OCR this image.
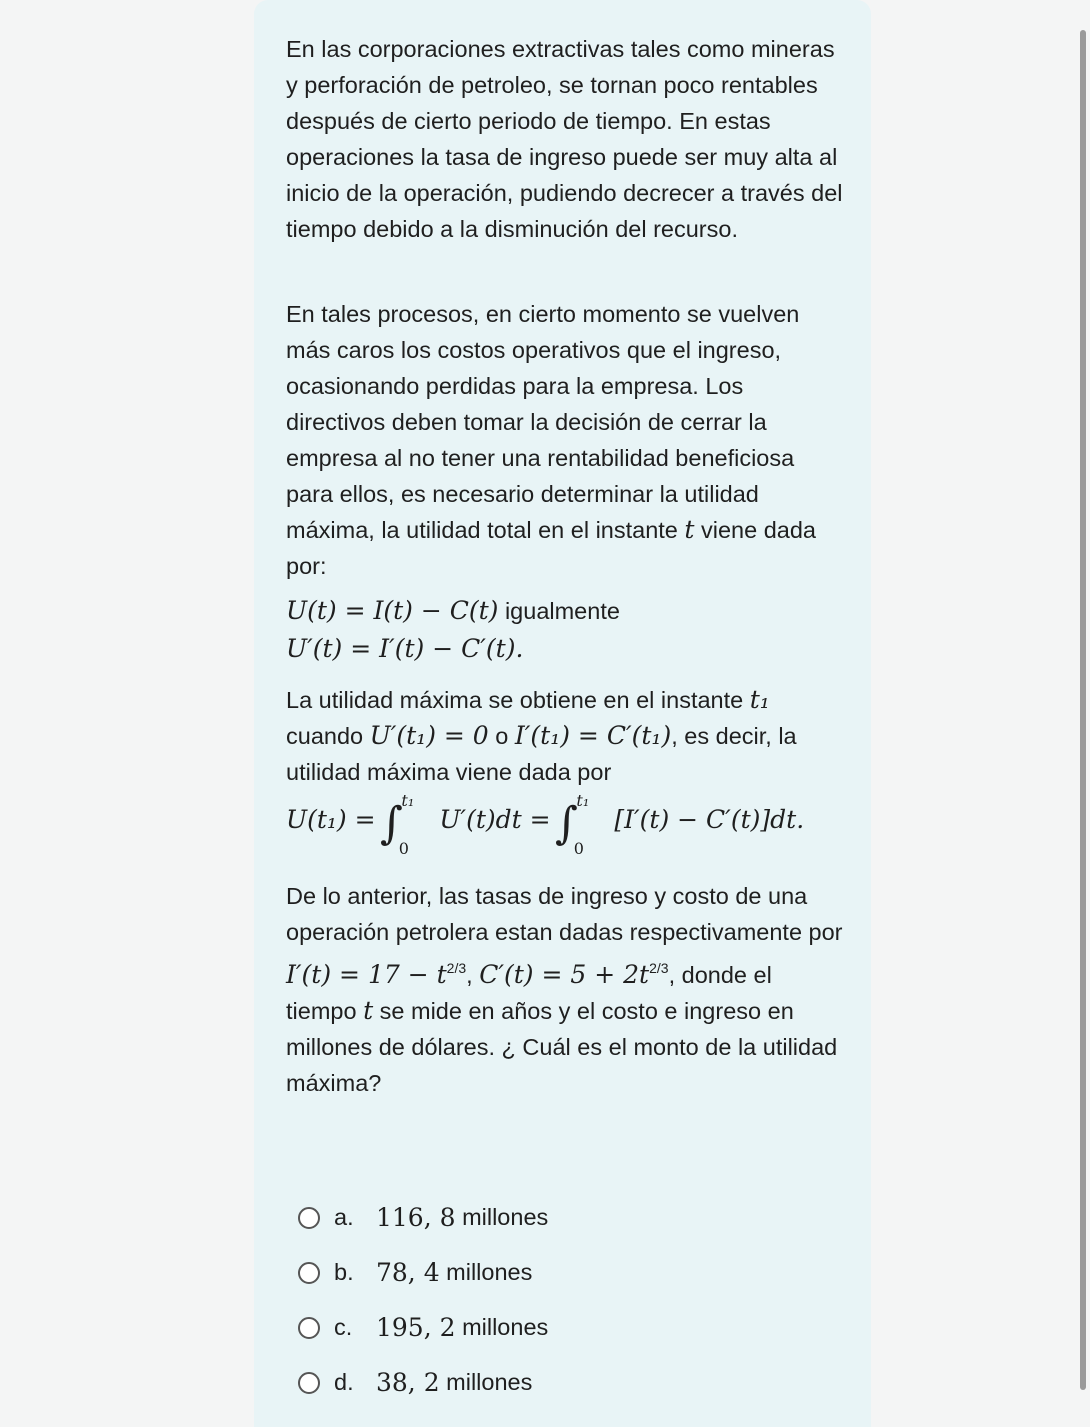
En las corporaciones extractivas tales como mineras y perforación de petroleo, se tornan poco rentables después de cierto periodo de tiempo. En estas operaciones la tasa de ingreso puede ser muy alta al inicio de la operación, pudiendo decrecer a través del tiempo debido a la disminución del recurso.
En tales procesos, en cierto momento se vuelven más caros los costos operativos que el ingreso, ocasionando perdidas para la empresa. Los directivos deben tomar la decisión de cerrar la empresa al no tener una rentabilidad beneficiosa para ellos, es necesario determinar la utilidad máxima, la utilidad total en el instante t viene dada por:
U(t) = I(t) − C(t) igualmente
U′(t) = I′(t) − C′(t).
La utilidad máxima se obtiene en el instante t₁
cuando U′(t₁) = 0 o I′(t₁) = C′(t₁), es decir, la utilidad máxima viene dada por
U(t₁) = ∫ t₁ 0 U′(t)dt = ∫ t₁ 0 [I′(t) − C′(t)]dt.
De lo anterior, las tasas de ingreso y costo de una operación petrolera estan dadas respectivamente por $I'(t) = 17 - t^{2/3}$, $C'(t) = 5 + 2t^{2/3}$, donde el tiempo t se mide en años y el costo e ingreso en millones de dólares. ¿ Cuál es el monto de la utilidad máxima?
a. 116, 8
millones
b. 78, 4
millones
c. 195, 2
millones
d. 38, 2
millones
